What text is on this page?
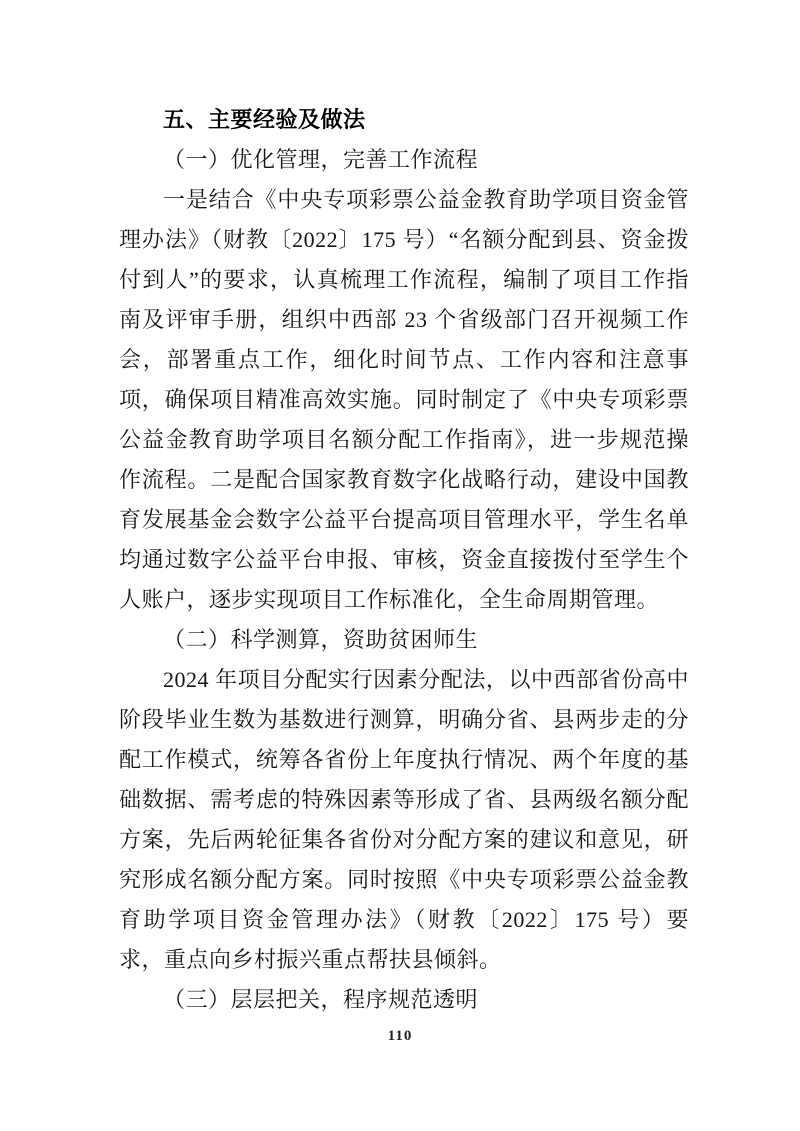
五、主要经验及做法
（一）优化管理，完善工作流程

一是结合《中央专项彩票公益金教育助学项目资金管理办法》（财教〔2022〕175 号）“名额分配到县、资金拨付到人”的要求，认真梳理工作流程，编制了项目工作指南及评审手册，组织中西部 23 个省级部门召开视频工作会，部署重点工作，细化时间节点、工作内容和注意事项，确保项目精准高效实施。同时制定了《中央专项彩票公益金教育助学项目名额分配工作指南》，进一步规范操作流程。二是配合国家教育数字化战略行动，建设中国教育发展基金会数字公益平台提高项目管理水平，学生名单均通过数字公益平台申报、审核，资金直接拨付至学生个人账户，逐步实现项目工作标准化，全生命周期管理。

（二）科学测算，资助贫困师生

2024 年项目分配实行因素分配法，以中西部省份高中阶段毕业生数为基数进行测算，明确分省、县两步走的分配工作模式，统筹各省份上年度执行情况、两个年度的基础数据、需考虑的特殊因素等形成了省、县两级名额分配方案，先后两轮征集各省份对分配方案的建议和意见，研究形成名额分配方案。同时按照《中央专项彩票公益金教育助学项目资金管理办法》（财教〔2022〕175 号）要求，重点向乡村振兴重点帮扶县倾斜。

（三）层层把关，程序规范透明
110
